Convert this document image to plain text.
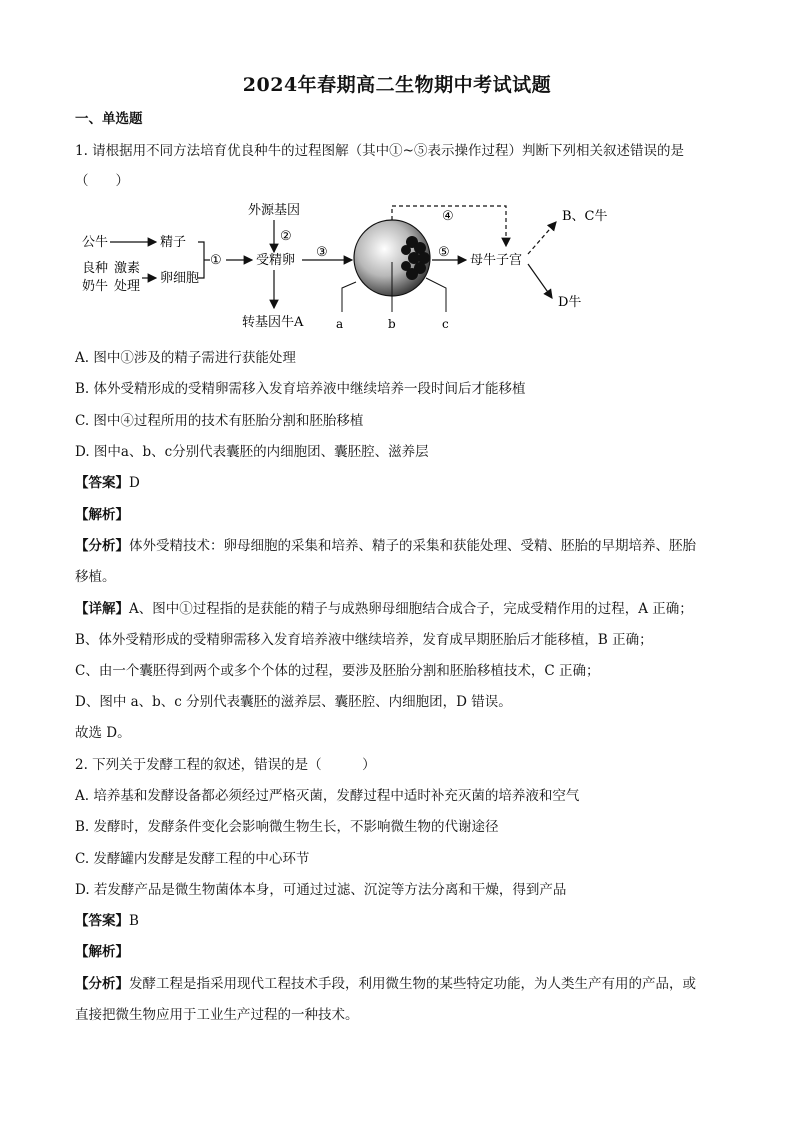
2024年春期高二生物期中考试试题
一、单选题
1. 请根据用不同方法培育优良种牛的过程图解（其中①~⑤表示操作过程）判断下列相关叙述错误的是
（　　）
公牛	精子
良种
奶牛
激素
处理
卵细胞
①
外源基因
②
受精卵
转基因牛A
③
a	b	c
⑤
母牛子宫
④	B、C牛
D牛
A. 图中①涉及的精子需进行获能处理
B. 体外受精形成的受精卵需移入发育培养液中继续培养一段时间后才能移植
C. 图中④过程所用的技术有胚胎分割和胚胎移植
D. 图中a、b、c分别代表囊胚的内细胞团、囊胚腔、滋养层
【答案】D
【解析】
【分析】体外受精技术：卵母细胞的采集和培养、精子的采集和获能处理、受精、胚胎的早期培养、胚胎
移植。
【详解】A、图中①过程指的是获能的精子与成熟卵母细胞结合成合子，完成受精作用的过程，A 正确；
B、体外受精形成的受精卵需移入发育培养液中继续培养，发育成早期胚胎后才能移植，B 正确；
C、由一个囊胚得到两个或多个个体的过程，要涉及胚胎分割和胚胎移植技术，C 正确；
D、图中 a、b、c 分别代表囊胚的滋养层、囊胚腔、内细胞团，D 错误。
故选 D。
2. 下列关于发酵工程的叙述，错误的是（　　　）
A. 培养基和发酵设备都必须经过严格灭菌，发酵过程中适时补充灭菌的培养液和空气
B. 发酵时，发酵条件变化会影响微生物生长，不影响微生物的代谢途径
C. 发酵罐内发酵是发酵工程的中心环节
D. 若发酵产品是微生物菌体本身，可通过过滤、沉淀等方法分离和干燥，得到产品
【答案】B
【解析】
【分析】发酵工程是指采用现代工程技术手段，利用微生物的某些特定功能，为人类生产有用的产品，或
直接把微生物应用于工业生产过程的一种技术。
